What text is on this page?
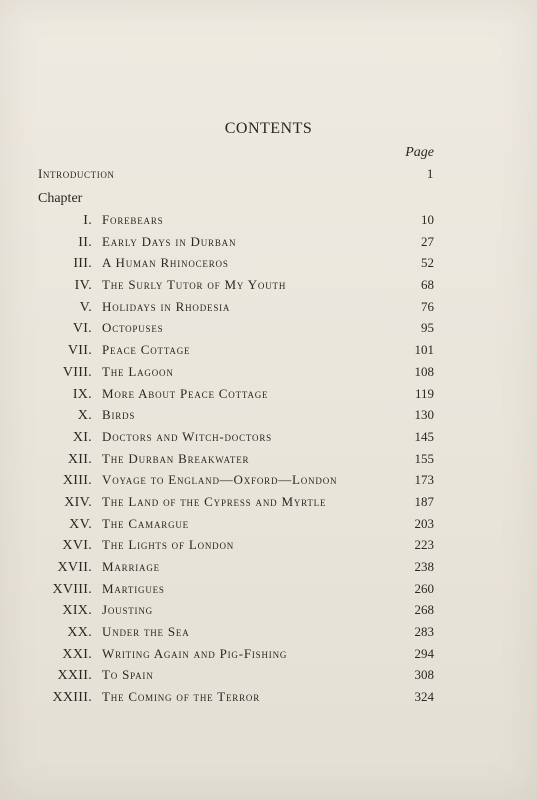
CONTENTS
Page
Introduction	1
Chapter
I. Forebears	10
II. Early Days in Durban	27
III. A Human Rhinoceros	52
IV. The Surly Tutor of My Youth	68
V. Holidays in Rhodesia	76
VI. Octopuses	95
VII. Peace Cottage	101
VIII. The Lagoon	108
IX. More About Peace Cottage	119
X. Birds	130
XI. Doctors and Witch-doctors	145
XII. The Durban Breakwater	155
XIII. Voyage to England—Oxford—London	173
XIV. The Land of the Cypress and Myrtle	187
XV. The Camargue	203
XVI. The Lights of London	223
XVII. Marriage	238
XVIII. Martigues	260
XIX. Jousting	268
XX. Under the Sea	283
XXI. Writing Again and Pig-Fishing	294
XXII. To Spain	308
XXIII. The Coming of the Terror	324
